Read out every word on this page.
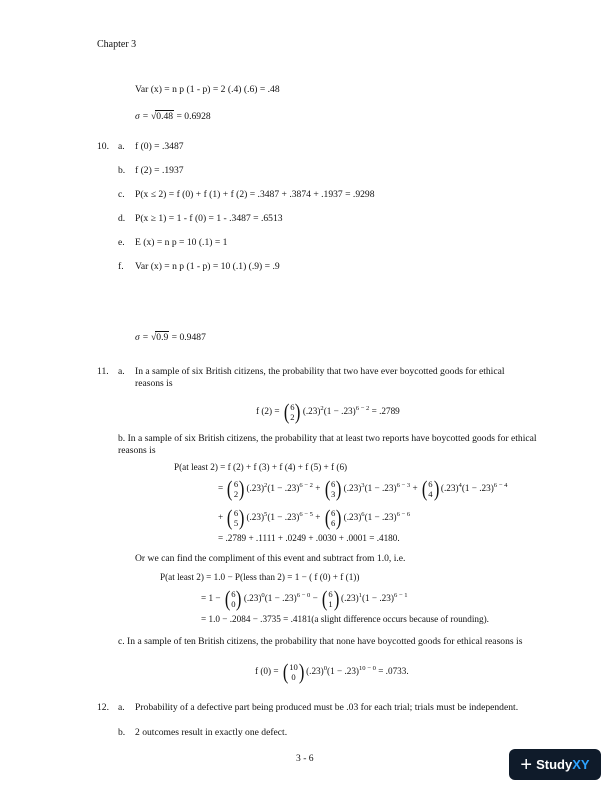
Chapter 3
Var (x) = n p (1 - p) = 2 (.4) (.6) = .48
σ = √0.48 = 0.6928
10. a. f (0) = .3487
b. f (2) = .1937
c. P(x ≤ 2) = f (0) + f (1) + f (2) = .3487 + .3874 + .1937 = .9298
d. P(x ≥ 1) = 1 - f (0) = 1 - .3487 = .6513
e. E (x) = n p = 10 (.1) = 1
f. Var (x) = n p (1 - p) = 10 (.1) (.9) = .9
σ = √0.9 = 0.9487
11. a. In a sample of six British citizens, the probability that two have ever boycotted goods for ethical reasons is
f (2) = ( 6
2 ) $(.23)^2(1 - .23)^{6 - 2} = .2789$
b. In a sample of six British citizens, the probability that at least two reports have boycotted goods for ethical reasons is
P(at least 2) = f (2) + f (3) + f (4) + f (5) + f (6)
= ( 6
2 ) $(.23)^2(1 - .23)^{6 - 2}$ + ( 6
3 ) $(.23)^3(1 - .23)^{6 - 3}$ + ( 6
4 ) $(.23)^4(1 - .23)^{6 - 4}$
+ ( 6
5 ) $(.23)^5(1 - .23)^{6 - 5}$ + ( 6
6 ) $(.23)^6(1 - .23)^{6 - 6}$
= .2789 + .1111 + .0249 + .0030 + .0001 = .4180.
Or we can find the compliment of this event and subtract from 1.0, i.e.
P(at least 2) = 1.0 − P(less than 2) = 1 − ( f (0) + f (1))
= 1 − ( 6
0 ) $(.23)^0(1 - .23)^{6 - 0}$ − ( 6
1 ) $(.23)^1(1 - .23)^{6 - 1}$
= 1.0 − .2084 − .3735 = .4181(a slight difference occurs because of rounding).
c. In a sample of ten British citizens, the probability that none have boycotted goods for ethical reasons is
f (0) = ( 10
0 ) $(.23)^0(1 - .23)^{10 - 0} = .0733$.
12. a. Probability of a defective part being produced must be .03 for each trial; trials must be independent.
b. 2 outcomes result in exactly one defect.
3 - 6	+ StudyXY
